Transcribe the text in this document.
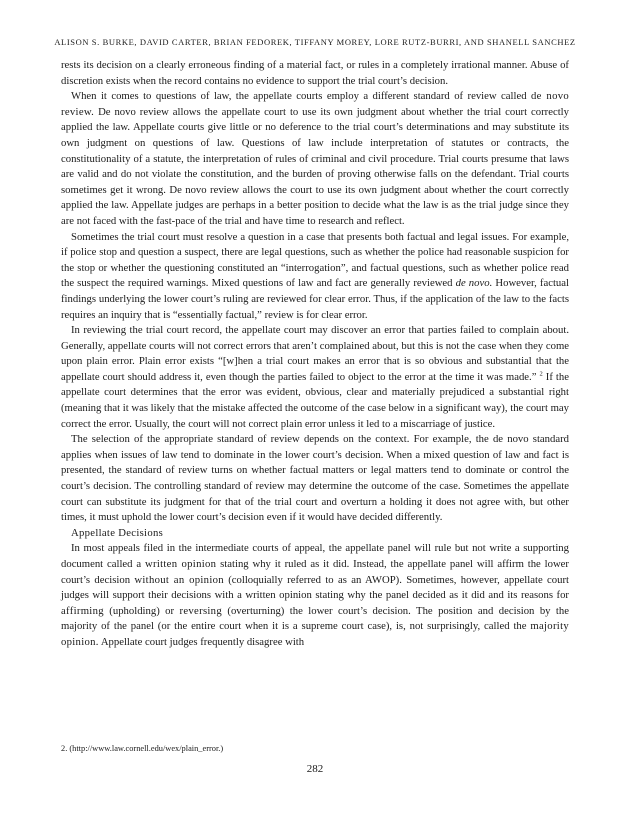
ALISON S. BURKE, DAVID CARTER, BRIAN FEDOREK, TIFFANY MOREY, LORE RUTZ-BURRI, AND SHANELL SANCHEZ

rests its decision on a clearly erroneous finding of a material fact, or rules in a completely irrational manner. Abuse of discretion exists when the record contains no evidence to support the trial court’s decision.

When it comes to questions of law, the appellate courts employ a different standard of review called de novo review. De novo review allows the appellate court to use its own judgment about whether the trial court correctly applied the law. Appellate courts give little or no deference to the trial court’s determinations and may substitute its own judgment on questions of law. Questions of law include interpretation of statutes or contracts, the constitutionality of a statute, the interpretation of rules of criminal and civil procedure. Trial courts presume that laws are valid and do not violate the constitution, and the burden of proving otherwise falls on the defendant. Trial courts sometimes get it wrong. De novo review allows the court to use its own judgment about whether the court correctly applied the law. Appellate judges are perhaps in a better position to decide what the law is as the trial judge since they are not faced with the fast-pace of the trial and have time to research and reflect.

Sometimes the trial court must resolve a question in a case that presents both factual and legal issues. For example, if police stop and question a suspect, there are legal questions, such as whether the police had reasonable suspicion for the stop or whether the questioning constituted an “interrogation”, and factual questions, such as whether police read the suspect the required warnings. Mixed questions of law and fact are generally reviewed de novo. However, factual findings underlying the lower court’s ruling are reviewed for clear error. Thus, if the application of the law to the facts requires an inquiry that is “essentially factual,” review is for clear error.

In reviewing the trial court record, the appellate court may discover an error that parties failed to complain about. Generally, appellate courts will not correct errors that aren’t complained about, but this is not the case when they come upon plain error. Plain error exists “[w]hen a trial court makes an error that is so obvious and substantial that the appellate court should address it, even though the parties failed to object to the error at the time it was made.” $^2$ If the appellate court determines that the error was evident, obvious, clear and materially prejudiced a substantial right (meaning that it was likely that the mistake affected the outcome of the case below in a significant way), the court may correct the error. Usually, the court will not correct plain error unless it led to a miscarriage of justice.

The selection of the appropriate standard of review depends on the context. For example, the de novo standard applies when issues of law tend to dominate in the lower court’s decision. When a mixed question of law and fact is presented, the standard of review turns on whether factual matters or legal matters tend to dominate or control the court’s decision. The controlling standard of review may determine the outcome of the case. Sometimes the appellate court can substitute its judgment for that of the trial court and overturn a holding it does not agree with, but other times, it must uphold the lower court’s decision even if it would have decided differently.

Appellate Decisions

In most appeals filed in the intermediate courts of appeal, the appellate panel will rule but not write a supporting document called a written opinion stating why it ruled as it did. Instead, the appellate panel will affirm the lower court’s decision without an opinion (colloquially referred to as an AWOP). Sometimes, however, appellate court judges will support their decisions with a written opinion stating why the panel decided as it did and its reasons for affirming (upholding) or reversing (overturning) the lower court’s decision. The position and decision by the majority of the panel (or the entire court when it is a supreme court case), is, not surprisingly, called the majority opinion. Appellate court judges frequently disagree with

2. (http://www.law.cornell.edu/wex/plain_error.)
282
